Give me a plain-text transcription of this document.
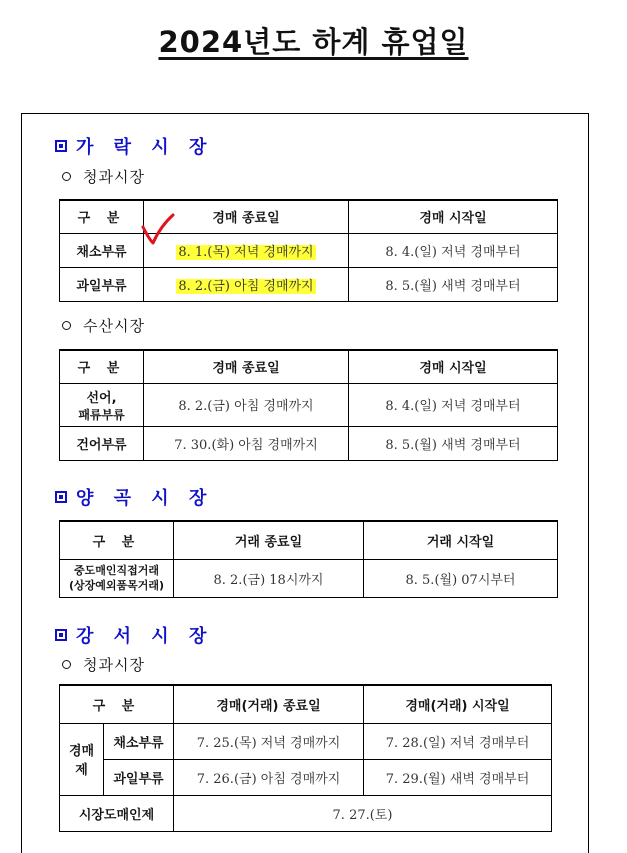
2024년도 하계 휴업일
가 락 시 장
청과시장
구 분	경매 종료일	경매 시작일
채소부류	8. 1.(목) 저녁 경매까지	8. 4.(일) 저녁 경매부터
과일부류	8. 2.(금) 아침 경매까지	8. 5.(월) 새벽 경매부터
수산시장
구 분	경매 종료일	경매 시작일

선어,
패류부류	8. 2.(금) 아침 경매까지	8. 4.(일) 저녁 경매부터
건어부류	7. 30.(화) 아침 경매까지	8. 5.(월) 새벽 경매부터
양 곡 시 장
구 분	거래 종료일	거래 시작일

중도매인직접거래
(상장예외품목거래)	8. 2.(금) 18시까지	8. 5.(월) 07시부터
강 서 시 장
청과시장
구 분		경매(거래) 종료일	경매(거래) 시작일

경매
제	채소부류	7. 25.(목) 저녁 경매까지	7. 28.(일) 저녁 경매부터
	과일부류	7. 26.(금) 아침 경매까지	7. 29.(월) 새벽 경매부터
시장도매인제		7. 27.(토)	
